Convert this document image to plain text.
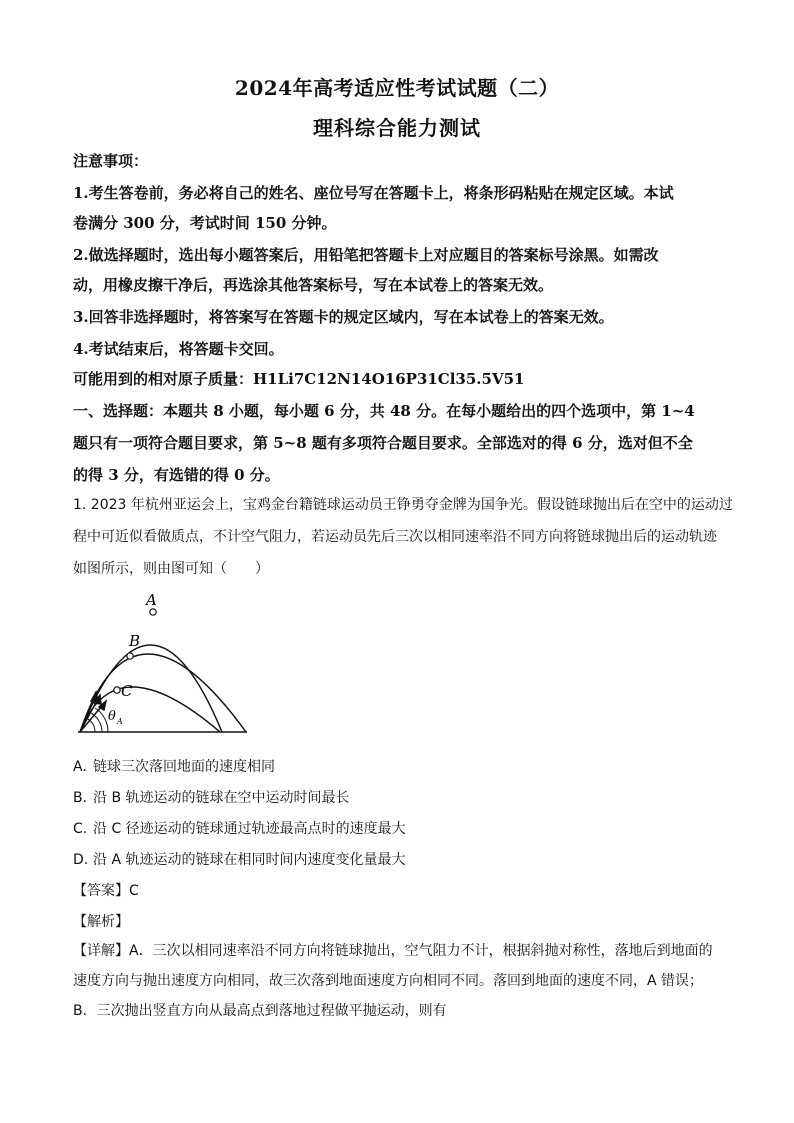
2024年高考适应性考试试题（二）
理科综合能力测试
注意事项：
1.考生答卷前，务必将自己的姓名、座位号写在答题卡上，将条形码粘贴在规定区域。本试
卷满分 300 分，考试时间 150 分钟。
2.做选择题时，选出每小题答案后，用铅笔把答题卡上对应题目的答案标号涂黑。如需改
动，用橡皮擦干净后，再选涂其他答案标号，写在本试卷上的答案无效。
3.回答非选择题时，将答案写在答题卡的规定区域内，写在本试卷上的答案无效。
4.考试结束后，将答题卡交回。
可能用到的相对原子质量：H1Li7C12N14O16P31Cl35.5V51
一、选择题：本题共 8 小题，每小题 6 分，共 48 分。在每小题给出的四个选项中，第 1~4
题只有一项符合题目要求，第 5~8 题有多项符合题目要求。全部选对的得 6 分，选对但不全
的得 3 分，有选错的得 0 分。
1. 2023 年杭州亚运会上，宝鸡金台籍链球运动员王铮勇夺金牌为国争光。假设链球抛出后在空中的运动过
程中可近似看做质点，不计空气阻力，若运动员先后三次以相同速率沿不同方向将链球抛出后的运动轨迹
如图所示，则由图可知（　　）
A
B
C
θ A
A. 链球三次落回地面的速度相同
B. 沿 B 轨迹运动的链球在空中运动时间最长
C. 沿 C 径迹运动的链球通过轨迹最高点时的速度最大
D. 沿 A 轨迹运动的链球在相同时间内速度变化量最大
【答案】C
【解析】
【详解】A．三次以相同速率沿不同方向将链球抛出，空气阻力不计，根据斜抛对称性，落地后到地面的
速度方向与抛出速度方向相同，故三次落到地面速度方向相同不同。落回到地面的速度不同，A 错误；
B．三次抛出竖直方向从最高点到落地过程做平抛运动，则有
